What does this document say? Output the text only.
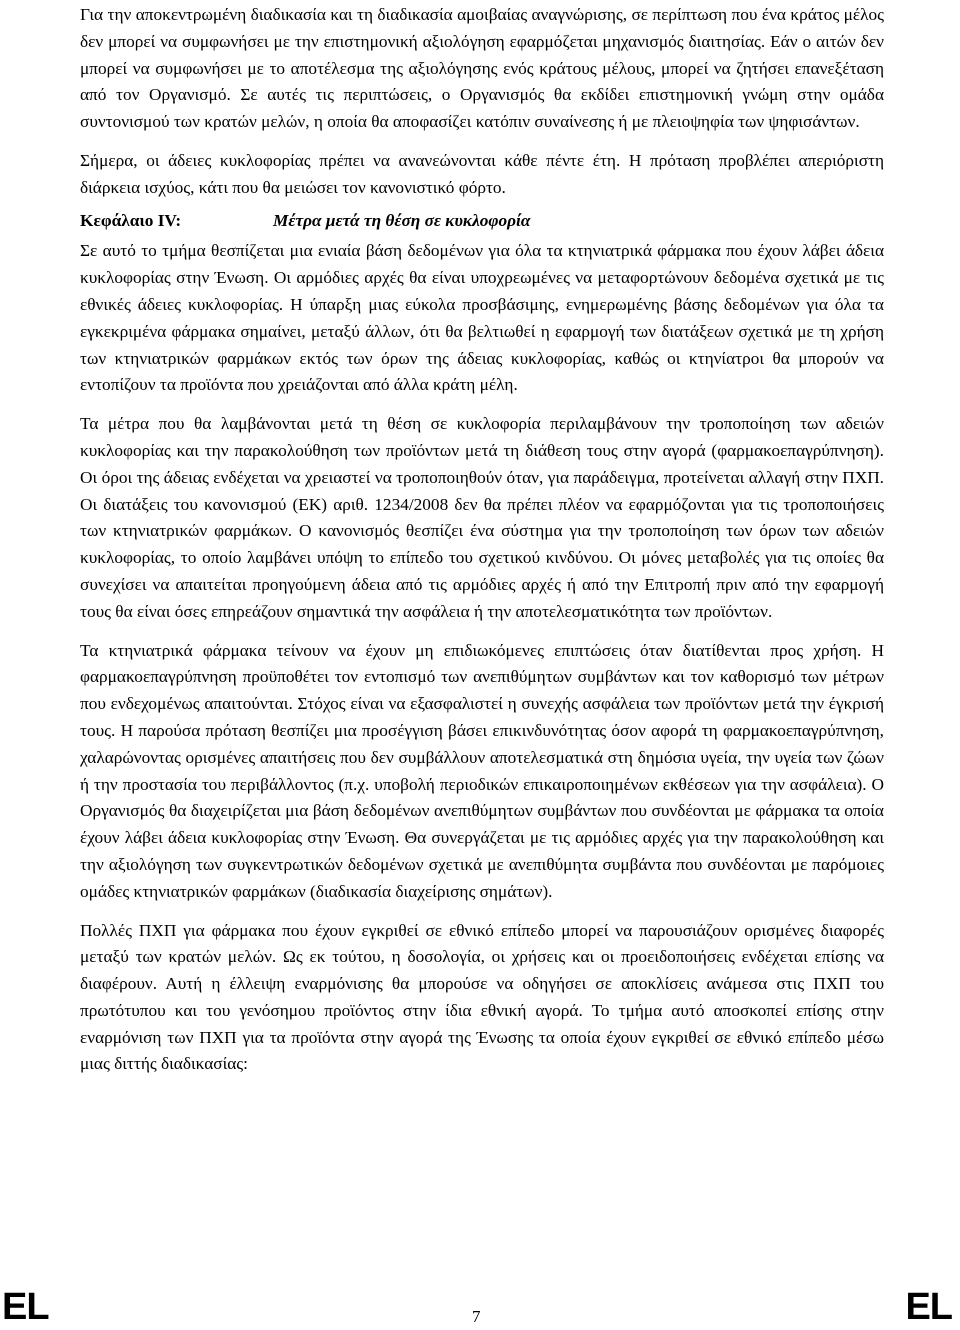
Για την αποκεντρωμένη διαδικασία και τη διαδικασία αμοιβαίας αναγνώρισης, σε περίπτωση που ένα κράτος μέλος δεν μπορεί να συμφωνήσει με την επιστημονική αξιολόγηση εφαρμόζεται μηχανισμός διαιτησίας. Εάν ο αιτών δεν μπορεί να συμφωνήσει με το αποτέλεσμα της αξιολόγησης ενός κράτους μέλους, μπορεί να ζητήσει επανεξέταση από τον Οργανισμό. Σε αυτές τις περιπτώσεις, ο Οργανισμός θα εκδίδει επιστημονική γνώμη στην ομάδα συντονισμού των κρατών μελών, η οποία θα αποφασίζει κατόπιν συναίνεσης ή με πλειοψηφία των ψηφισάντων.

Σήμερα, οι άδειες κυκλοφορίας πρέπει να ανανεώνονται κάθε πέντε έτη. Η πρόταση προβλέπει απεριόριστη διάρκεια ισχύος, κάτι που θα μειώσει τον κανονιστικό φόρτο.

Κεφάλαιο IV:	Μέτρα μετά τη θέση σε κυκλοφορία

Σε αυτό το τμήμα θεσπίζεται μια ενιαία βάση δεδομένων για όλα τα κτηνιατρικά φάρμακα που έχουν λάβει άδεια κυκλοφορίας στην Ένωση. Οι αρμόδιες αρχές θα είναι υποχρεωμένες να μεταφορτώνουν δεδομένα σχετικά με τις εθνικές άδειες κυκλοφορίας. Η ύπαρξη μιας εύκολα προσβάσιμης, ενημερωμένης βάσης δεδομένων για όλα τα εγκεκριμένα φάρμακα σημαίνει, μεταξύ άλλων, ότι θα βελτιωθεί η εφαρμογή των διατάξεων σχετικά με τη χρήση των κτηνιατρικών φαρμάκων εκτός των όρων της άδειας κυκλοφορίας, καθώς οι κτηνίατροι θα μπορούν να εντοπίζουν τα προϊόντα που χρειάζονται από άλλα κράτη μέλη.

Τα μέτρα που θα λαμβάνονται μετά τη θέση σε κυκλοφορία περιλαμβάνουν την τροποποίηση των αδειών κυκλοφορίας και την παρακολούθηση των προϊόντων μετά τη διάθεση τους στην αγορά (φαρμακοεπαγρύπνηση). Οι όροι της άδειας ενδέχεται να χρειαστεί να τροποποιηθούν όταν, για παράδειγμα, προτείνεται αλλαγή στην ΠΧΠ. Οι διατάξεις του κανονισμού (ΕΚ) αριθ. 1234/2008 δεν θα πρέπει πλέον να εφαρμόζονται για τις τροποποιήσεις των κτηνιατρικών φαρμάκων. Ο κανονισμός θεσπίζει ένα σύστημα για την τροποποίηση των όρων των αδειών κυκλοφορίας, το οποίο λαμβάνει υπόψη το επίπεδο του σχετικού κινδύνου. Οι μόνες μεταβολές για τις οποίες θα συνεχίσει να απαιτείται προηγούμενη άδεια από τις αρμόδιες αρχές ή από την Επιτροπή πριν από την εφαρμογή τους θα είναι όσες επηρεάζουν σημαντικά την ασφάλεια ή την αποτελεσματικότητα των προϊόντων.

Τα κτηνιατρικά φάρμακα τείνουν να έχουν μη επιδιωκόμενες επιπτώσεις όταν διατίθενται προς χρήση. Η φαρμακοεπαγρύπνηση προϋποθέτει τον εντοπισμό των ανεπιθύμητων συμβάντων και τον καθορισμό των μέτρων που ενδεχομένως απαιτούνται. Στόχος είναι να εξασφαλιστεί η συνεχής ασφάλεια των προϊόντων μετά την έγκρισή τους. Η παρούσα πρόταση θεσπίζει μια προσέγγιση βάσει επικινδυνότητας όσον αφορά τη φαρμακοεπαγρύπνηση, χαλαρώνοντας ορισμένες απαιτήσεις που δεν συμβάλλουν αποτελεσματικά στη δημόσια υγεία, την υγεία των ζώων ή την προστασία του περιβάλλοντος (π.χ. υποβολή περιοδικών επικαιροποιημένων εκθέσεων για την ασφάλεια). Ο Οργανισμός θα διαχειρίζεται μια βάση δεδομένων ανεπιθύμητων συμβάντων που συνδέονται με φάρμακα τα οποία έχουν λάβει άδεια κυκλοφορίας στην Ένωση. Θα συνεργάζεται με τις αρμόδιες αρχές για την παρακολούθηση και την αξιολόγηση των συγκεντρωτικών δεδομένων σχετικά με ανεπιθύμητα συμβάντα που συνδέονται με παρόμοιες ομάδες κτηνιατρικών φαρμάκων (διαδικασία διαχείρισης σημάτων).

Πολλές ΠΧΠ για φάρμακα που έχουν εγκριθεί σε εθνικό επίπεδο μπορεί να παρουσιάζουν ορισμένες διαφορές μεταξύ των κρατών μελών. Ως εκ τούτου, η δοσολογία, οι χρήσεις και οι προειδοποιήσεις ενδέχεται επίσης να διαφέρουν. Αυτή η έλλειψη εναρμόνισης θα μπορούσε να οδηγήσει σε αποκλίσεις ανάμεσα στις ΠΧΠ του πρωτότυπου και του γενόσημου προϊόντος στην ίδια εθνική αγορά. Το τμήμα αυτό αποσκοπεί επίσης στην εναρμόνιση των ΠΧΠ για τα προϊόντα στην αγορά της Ένωσης τα οποία έχουν εγκριθεί σε εθνικό επίπεδο μέσω μιας διττής διαδικασίας:

EL	7	EL
